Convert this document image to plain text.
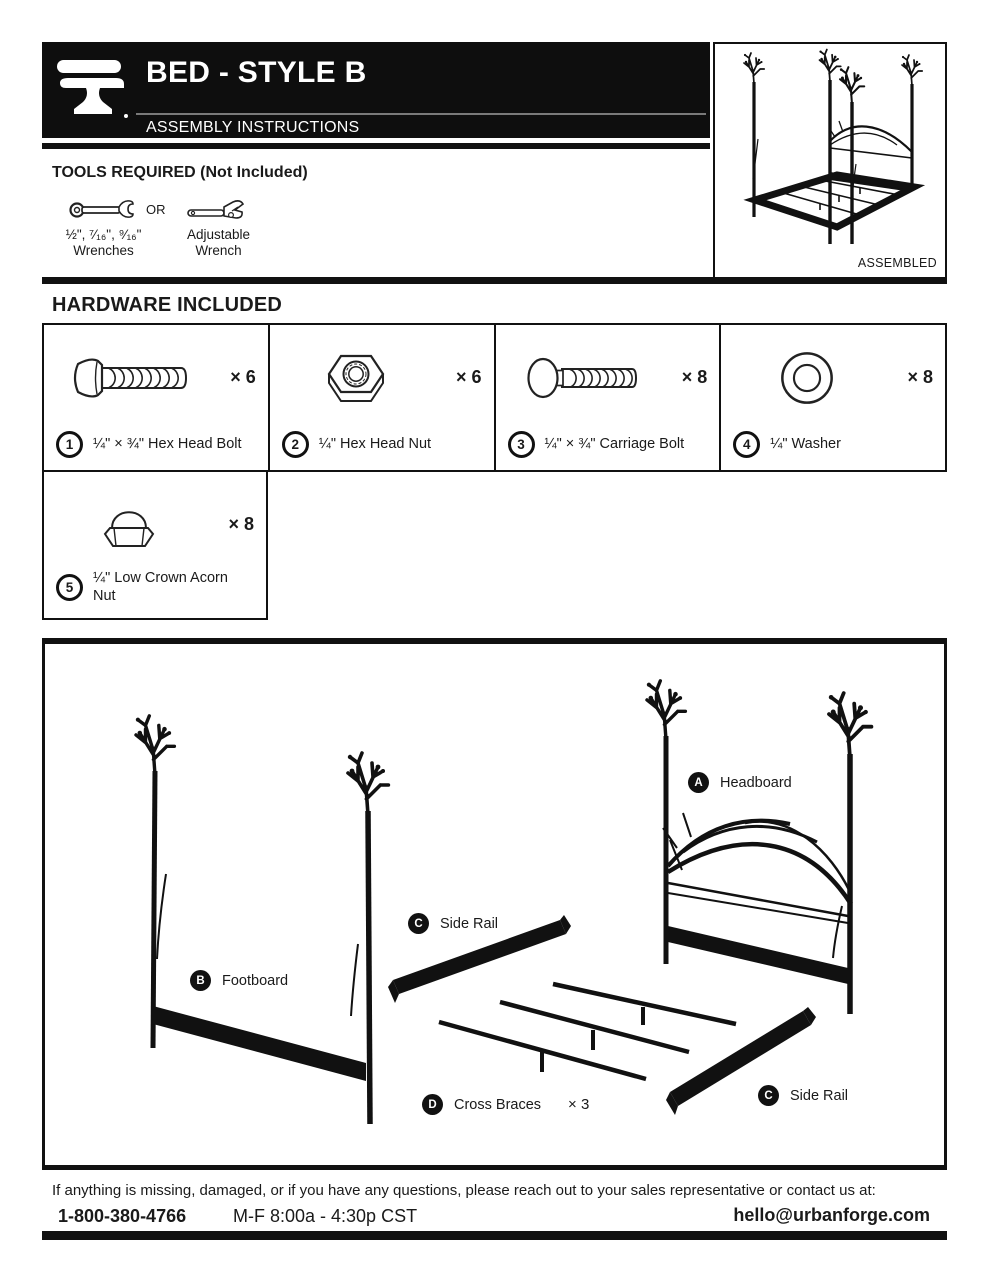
BED - STYLE B
ASSEMBLY INSTRUCTIONS
ASSEMBLED
TOOLS REQUIRED (Not Included)
OR
½", ⁷⁄₁₆", ⁹⁄₁₆"
Wrenches
Adjustable
Wrench
HARDWARE INCLUDED
× 6
1	¼" × ¾" Hex Head Bolt
× 6
2	¼" Hex Head Nut
× 8
3	¼" × ¾" Carriage Bolt
× 8
4	¼" Washer
× 8
5
¼" Low Crown Acorn Nut
A	Headboard
B	Footboard
C	Side Rail
D	Cross Braces × 3
C	Side Rail
If anything is missing, damaged, or if you have any questions, please reach out to your sales representative or contact us at:
1-800-380-4766	M-F 8:00a - 4:30p CST	hello@urbanforge.com
